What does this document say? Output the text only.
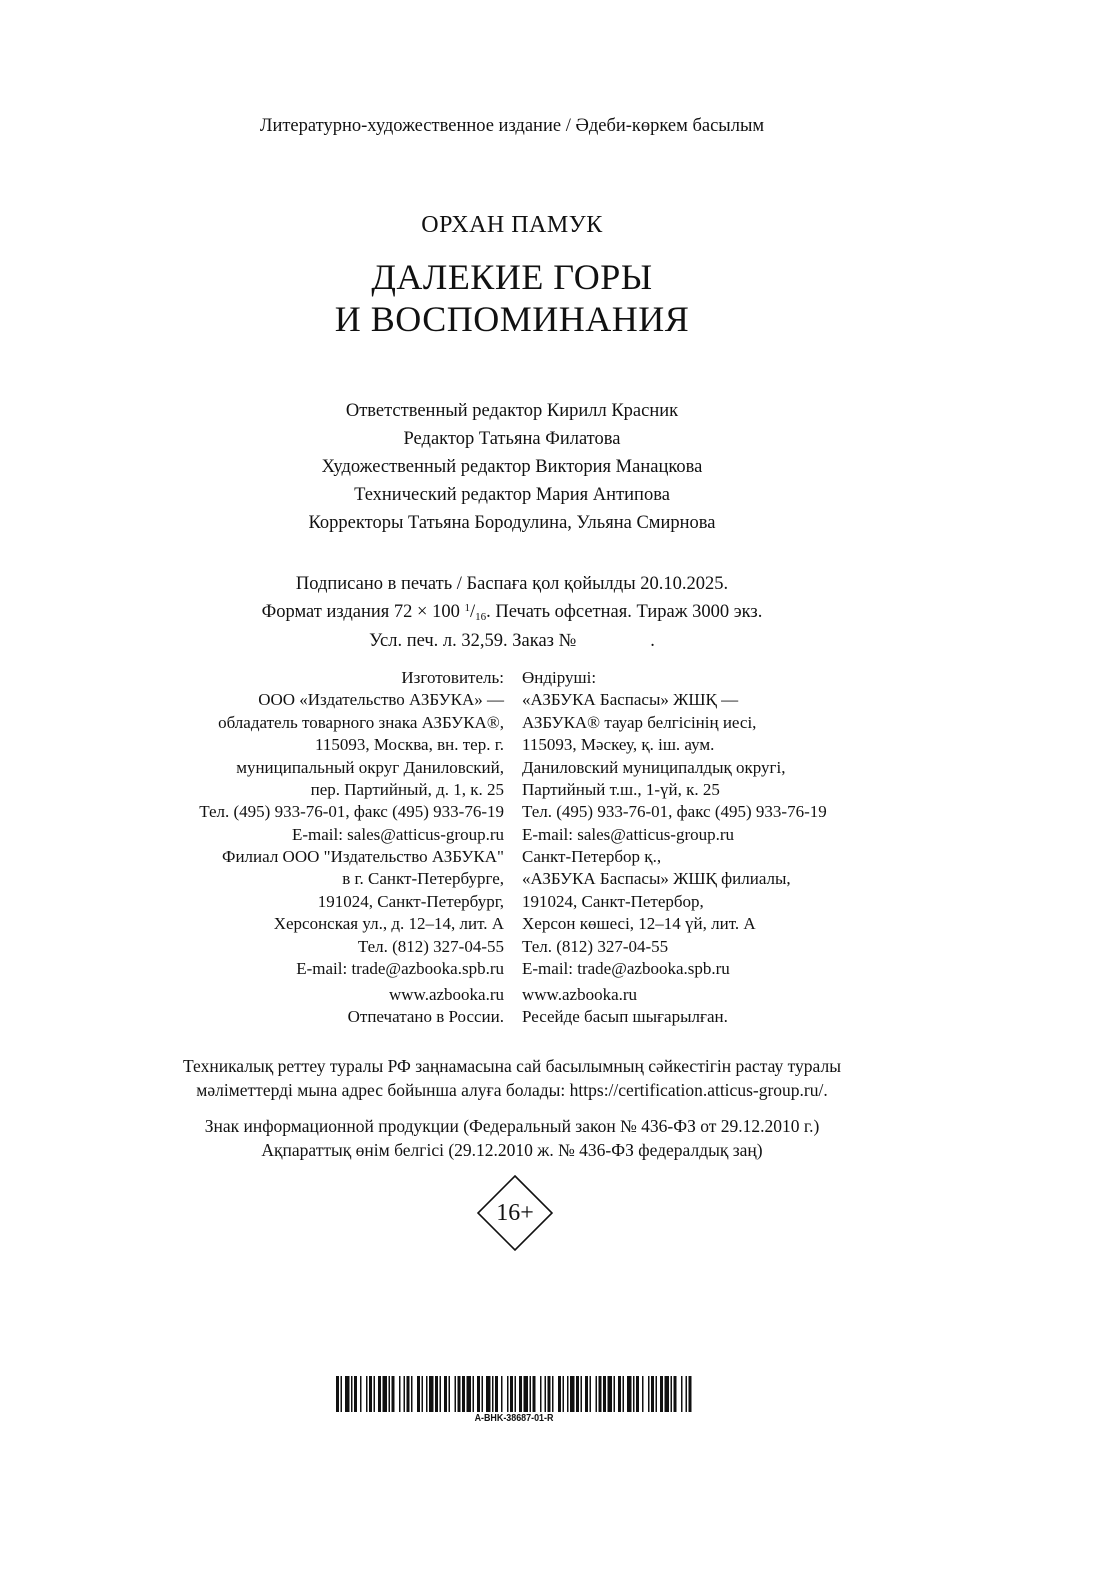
Литературно-художественное издание / Әдеби-көркем басылым
ОРХАН ПАМУК
ДАЛЕКИЕ ГОРЫ
И ВОСПОМИНАНИЯ
Ответственный редактор Кирилл Красник
Редактор Татьяна Филатова
Художественный редактор Виктория Манацкова
Технический редактор Мария Антипова
Корректоры Татьяна Бородулина, Ульяна Смирнова
Подписано в печать / Баспаға қол қойылды 20.10.2025.
Формат издания 72 × 100 $^1/_{16}$. Печать офсетная. Тираж 3000 экз.
Усл. печ. л. 32,59. Заказ №	.
Изготовитель:
ООО «Издательство АЗБУКА» —
обладатель товарного знака АЗБУКА®,
115093, Москва, вн. тер. г.
муниципальный округ Даниловский,
пер. Партийный, д. 1, к. 25
Тел. (495) 933-76-01, факс (495) 933-76-19
E-mail: sales@atticus-group.ru
Өндіруші:
«АЗБУКА Баспасы» ЖШҚ —
АЗБУКА® тауар белгісінің иесі,
115093, Мәскеу, қ. іш. аум.
Даниловский муниципалдық округі,
Партийный т.ш., 1-үй, к. 25
Тел. (495) 933-76-01, факс (495) 933-76-19
E-mail: sales@atticus-group.ru
Филиал ООО "Издательство АЗБУКА"
в г. Санкт-Петербурге,
191024, Санкт-Петербург,
Херсонская ул., д. 12–14, лит. А
Тел. (812) 327-04-55
E-mail: trade@azbooka.spb.ru
Санкт-Петербор қ.,
«АЗБУКА Баспасы» ЖШҚ филиалы,
191024, Санкт-Петербор,
Херсон көшесі, 12–14 үй, лит. А
Тел. (812) 327-04-55
E-mail: trade@azbooka.spb.ru
www.azbooka.ru
Отпечатано в России.
www.azbooka.ru
Ресейде басып шығарылған.
Техникалық реттеу туралы РФ заңнамасына сай басылымның сәйкестігін растау туралы
мәліметтерді мына адрес бойынша алуға болады: https://certification.atticus-group.ru/.
Знак информационной продукции (Федеральный закон № 436-ФЗ от 29.12.2010 г.)
Ақпараттық өнім белгісі (29.12.2010 ж. № 436-ФЗ федералдық заң)
16+
A-BHK-38687-01-R
